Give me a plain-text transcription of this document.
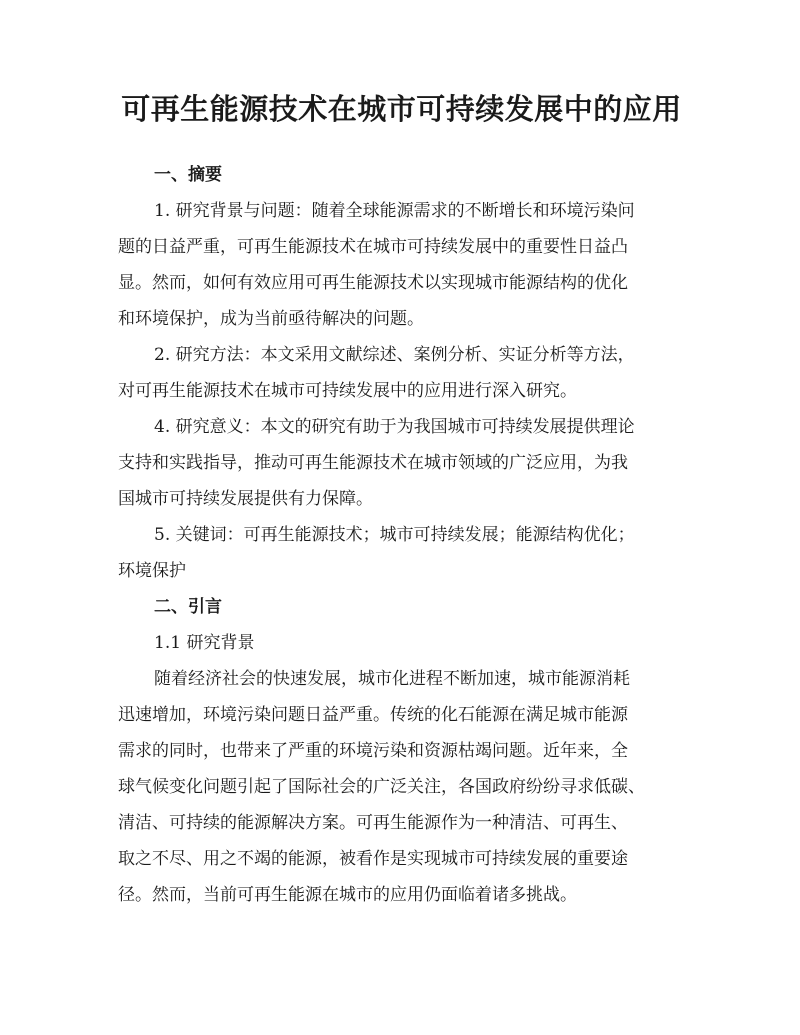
可再生能源技术在城市可持续发展中的应用
一、摘要

1. 研究背景与问题：随着全球能源需求的不断增长和环境污染问
题的日益严重，可再生能源技术在城市可持续发展中的重要性日益凸
显。然而，如何有效应用可再生能源技术以实现城市能源结构的优化
和环境保护，成为当前亟待解决的问题。

2. 研究方法：本文采用文献综述、案例分析、实证分析等方法，
对可再生能源技术在城市可持续发展中的应用进行深入研究。

4. 研究意义：本文的研究有助于为我国城市可持续发展提供理论
支持和实践指导，推动可再生能源技术在城市领域的广泛应用，为我
国城市可持续发展提供有力保障。

5. 关键词：可再生能源技术；城市可持续发展；能源结构优化；
环境保护

二、引言

1.1 研究背景

随着经济社会的快速发展，城市化进程不断加速，城市能源消耗
迅速增加，环境污染问题日益严重。传统的化石能源在满足城市能源
需求的同时，也带来了严重的环境污染和资源枯竭问题。近年来，全
球气候变化问题引起了国际社会的广泛关注，各国政府纷纷寻求低碳、
清洁、可持续的能源解决方案。可再生能源作为一种清洁、可再生、
取之不尽、用之不竭的能源，被看作是实现城市可持续发展的重要途
径。然而，当前可再生能源在城市的应用仍面临着诸多挑战。
